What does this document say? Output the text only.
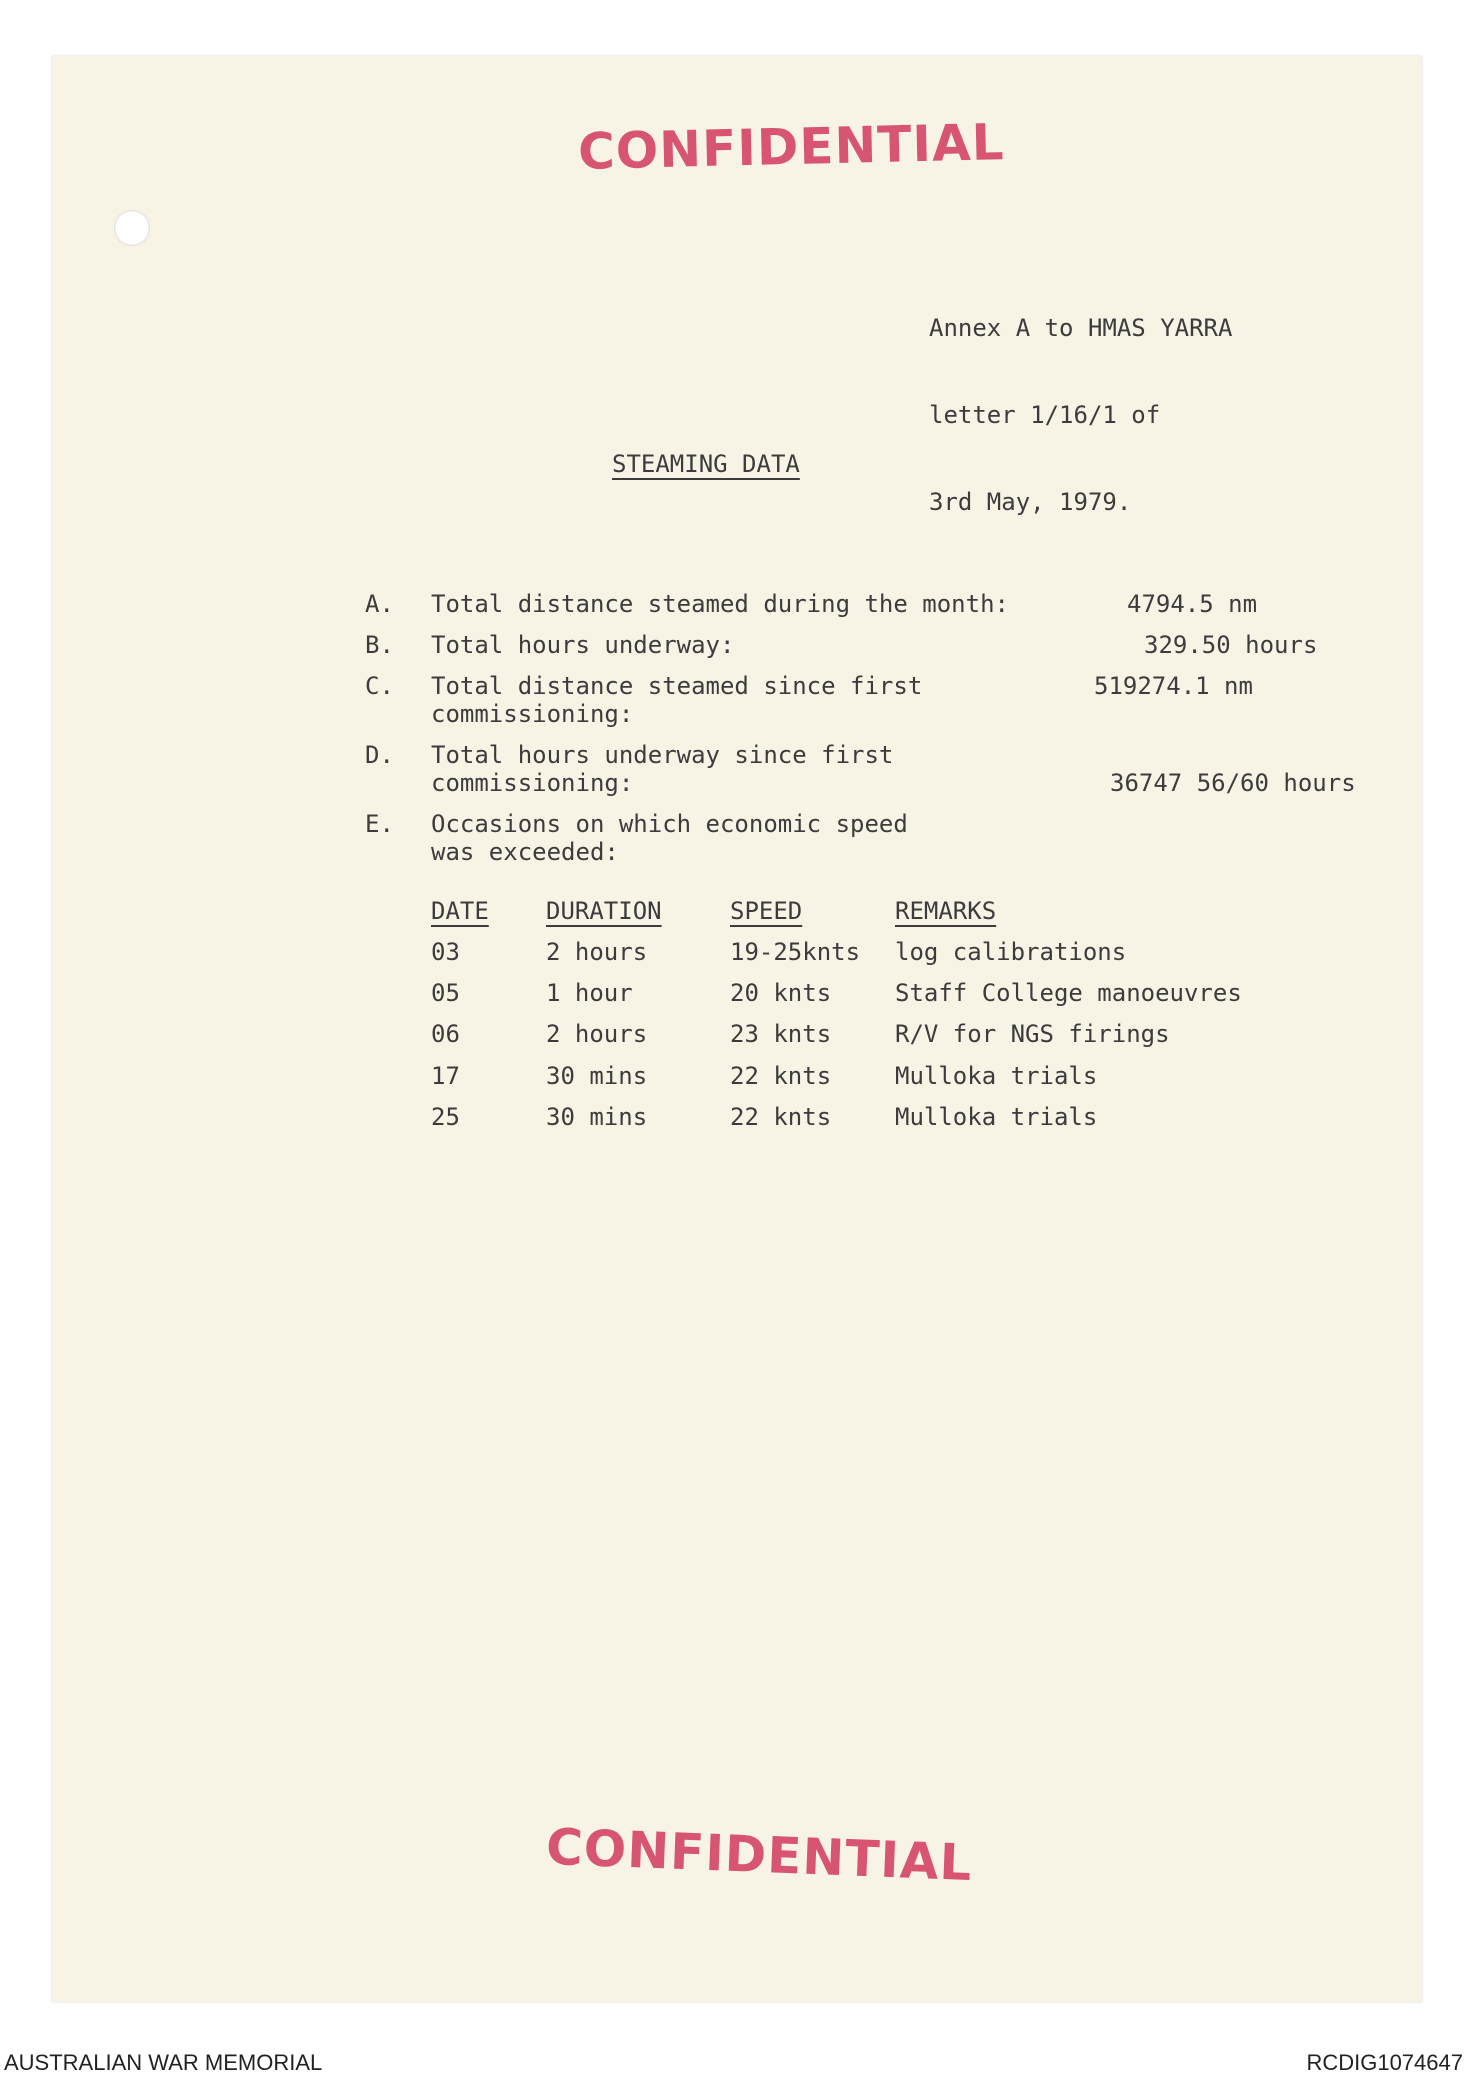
CONFIDENTIAL

Annex A to HMAS YARRA

letter 1/16/1 of

3rd May, 1979.

STEAMING DATA
A. Total distance steamed during the month:	4794.5 nm
B. Total hours underway:	329.50 hours
C. Total distance steamed since first
commissioning:
519274.1 nm
D. Total hours underway since first
commissioning:	36747 56/60 hours
E. Occasions on which economic speed
was exceeded:
DATE DURATION	SPEED	REMARKS
03	2 hours	19-25knts log calibrations
05	1 hour	20 knts	Staff College manoeuvres
06	2 hours	23 knts	R/V for NGS firings
17	30 mins	22 knts	Mulloka trials
25	30 mins	22 knts	Mulloka trials
CONFIDENTIAL
AUSTRALIAN WAR MEMORIAL	RCDIG1074647
